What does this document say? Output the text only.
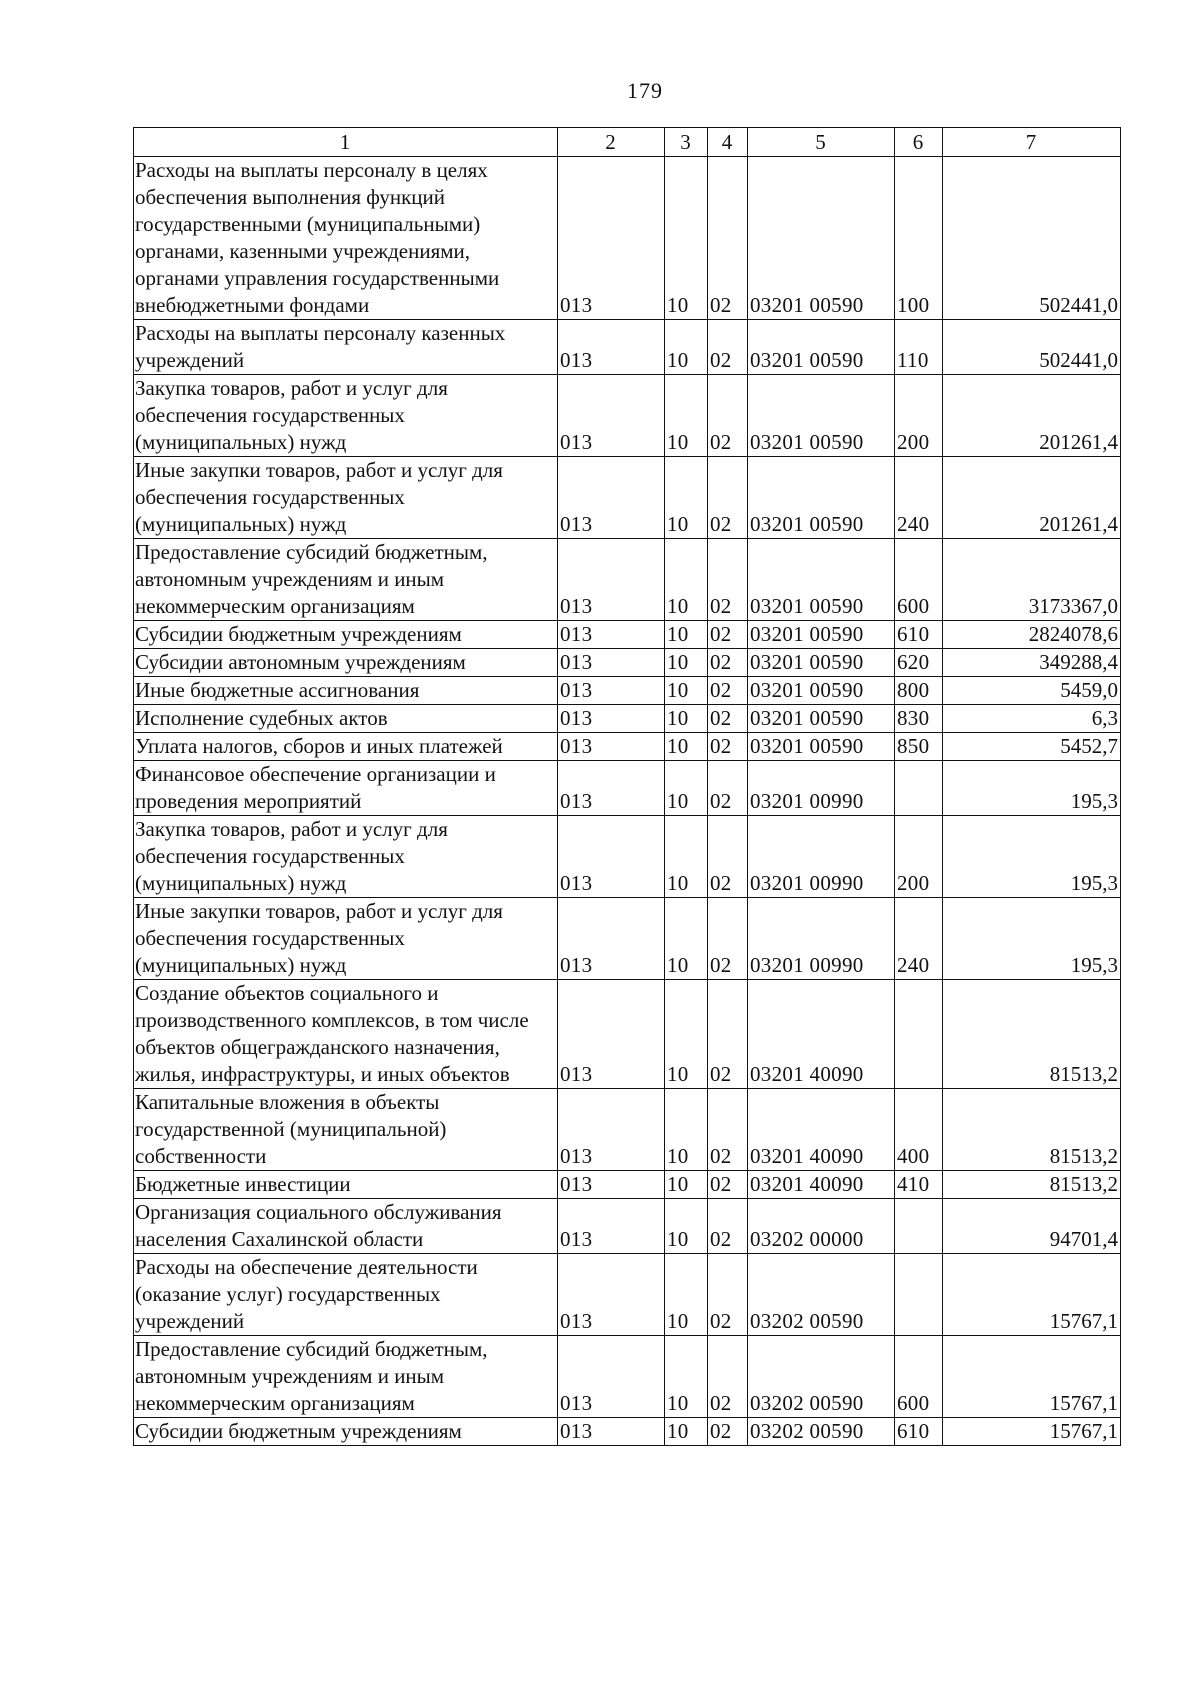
179
1	2	3	4	5	6	7
Расходы на выплаты персоналу в целях обеспечения выполнения функций государственными (муниципальными) органами, казенными учреждениями, органами управления государственными внебюджетными фондами	013	10	02	03201 00590	100	502441,0
Расходы на выплаты персоналу казенных учреждений	013	10	02	03201 00590	110	502441,0
Закупка товаров, работ и услуг для обеспечения государственных (муниципальных) нужд	013	10	02	03201 00590	200	201261,4
Иные закупки товаров, работ и услуг для обеспечения государственных (муниципальных) нужд	013	10	02	03201 00590	240	201261,4
Предоставление субсидий бюджетным, автономным учреждениям и иным некоммерческим организациям	013	10	02	03201 00590	600	3173367,0
Субсидии бюджетным учреждениям	013	10	02	03201 00590	610	2824078,6
Субсидии автономным учреждениям	013	10	02	03201 00590	620	349288,4
Иные бюджетные ассигнования	013	10	02	03201 00590	800	5459,0
Исполнение судебных актов	013	10	02	03201 00590	830	6,3
Уплата налогов, сборов и иных платежей	013	10	02	03201 00590	850	5452,7
Финансовое обеспечение организации и проведения мероприятий	013	10	02	03201 00990		195,3
Закупка товаров, работ и услуг для обеспечения государственных (муниципальных) нужд	013	10	02	03201 00990	200	195,3
Иные закупки товаров, работ и услуг для обеспечения государственных (муниципальных) нужд	013	10	02	03201 00990	240	195,3
Создание объектов социального и производственного комплексов, в том числе объектов общегражданского назначения, жилья, инфраструктуры, и иных объектов	013	10	02	03201 40090		81513,2
Капитальные вложения в объекты государственной (муниципальной) собственности	013	10	02	03201 40090	400	81513,2
Бюджетные инвестиции	013	10	02	03201 40090	410	81513,2
Организация социального обслуживания населения Сахалинской области	013	10	02	03202 00000		94701,4
Расходы на обеспечение деятельности (оказание услуг) государственных учреждений	013	10	02	03202 00590		15767,1
Предоставление субсидий бюджетным, автономным учреждениям и иным некоммерческим организациям	013	10	02	03202 00590	600	15767,1
Субсидии бюджетным учреждениям	013	10	02	03202 00590	610	15767,1
